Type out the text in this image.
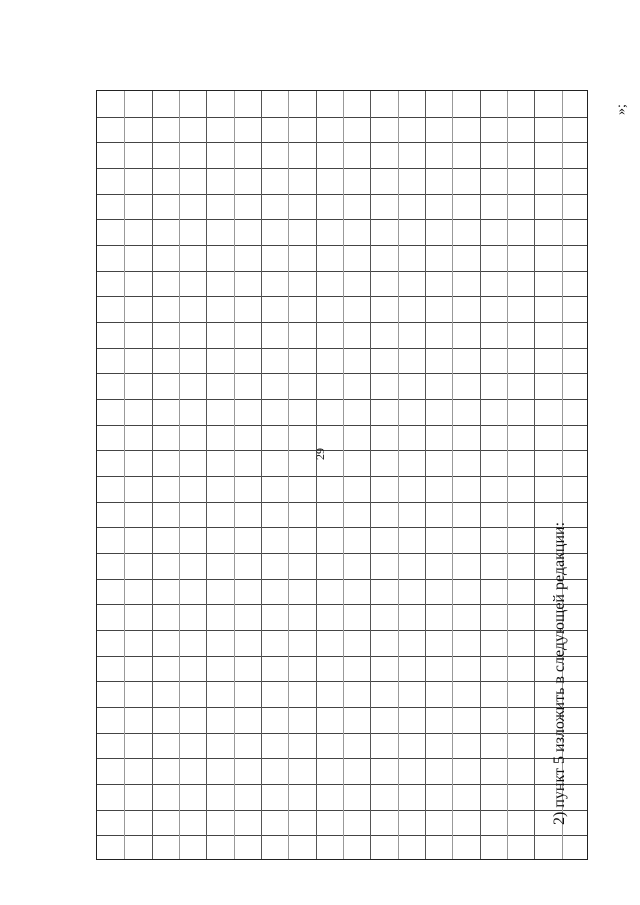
29
2) пункт 5 изложить в следующей редакции:
»;
